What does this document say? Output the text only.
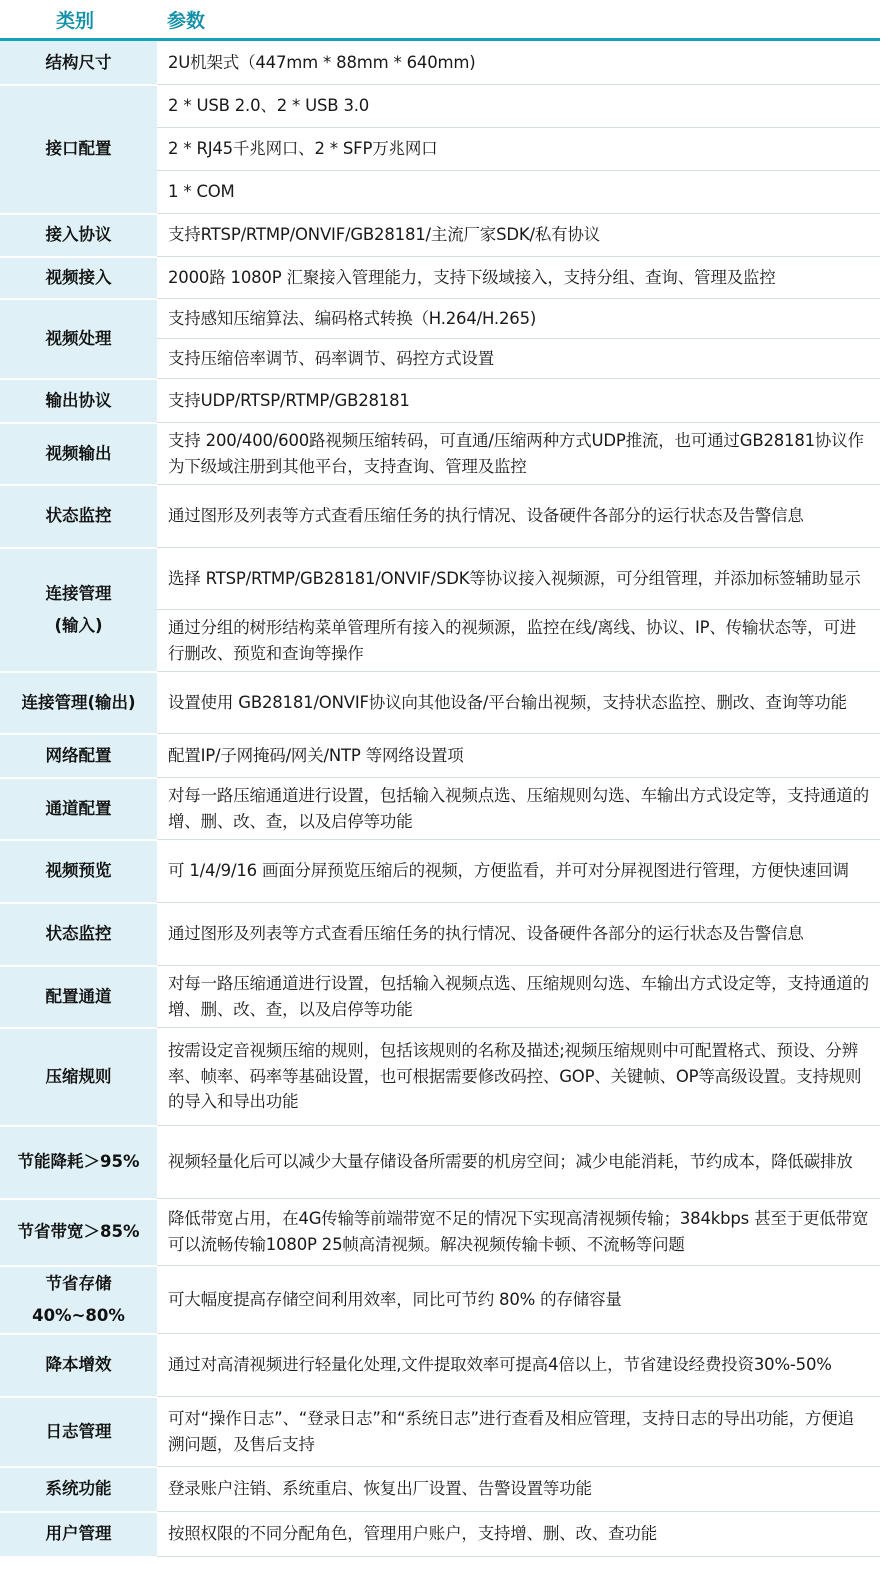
类别	参数

结构尺寸	2U机架式（447mm * 88mm * 640mm)

接口配置	2 * USB 2.0、2 * USB 3.0
	2 * RJ45千兆网口、2 * SFP万兆网口
	1 * COM

接入协议	支持RTSP/RTMP/ONVIF/GB28181/主流厂家SDK/私有协议

视频接入	2000路 1080P 汇聚接入管理能力，支持下级域接入，支持分组、查询、管理及监控

视频处理	支持感知压缩算法、编码格式转换（H.264/H.265)
	支持压缩倍率调节、码率调节、码控方式设置

输出协议	支持UDP/RTSP/RTMP/GB28181

视频输出	支持 200/400/600路视频压缩转码，可直通/压缩两种方式UDP推流，也可通过GB28181协议作为下级域注册到其他平台，支持查询、管理及监控

状态监控	通过图形及列表等方式查看压缩任务的执行情况、设备硬件各部分的运行状态及告警信息

连接管理
(输入)	选择 RTSP/RTMP/GB28181/ONVIF/SDK等协议接入视频源，可分组管理，并添加标签辅助显示
	通过分组的树形结构菜单管理所有接入的视频源，监控在线/离线、协议、IP、传输状态等，可进行删改、预览和查询等操作

连接管理(输出)	设置使用 GB28181/ONVIF协议向其他设备/平台输出视频，支持状态监控、删改、查询等功能

网络配置	配置IP/子网掩码/网关/NTP 等网络设置项

通道配置	对每一路压缩通道进行设置，包括输入视频点选、压缩规则勾选、车输出方式设定等，支持通道的增、删、改、查，以及启停等功能

视频预览	可 1/4/9/16 画面分屏预览压缩后的视频，方便监看，并可对分屏视图进行管理，方便快速回调

状态监控	通过图形及列表等方式查看压缩任务的执行情况、设备硬件各部分的运行状态及告警信息

配置通道	对每一路压缩通道进行设置，包括输入视频点选、压缩规则勾选、车输出方式设定等，支持通道的增、删、改、查，以及启停等功能

压缩规则	按需设定音视频压缩的规则，包括该规则的名称及描述;视频压缩规则中可配置格式、预设、分辨率、帧率、码率等基础设置，也可根据需要修改码控、GOP、关键帧、OP等高级设置。支持规则的导入和导出功能

节能降耗＞95%	视频轻量化后可以减少大量存储设备所需要的机房空间；减少电能消耗，节约成本，降低碳排放

节省带宽＞85%	降低带宽占用，在4G传输等前端带宽不足的情况下实现高清视频传输；384kbps 甚至于更低带宽可以流畅传输1080P 25帧高清视频。解决视频传输卡顿、不流畅等问题

节省存储
40%~80%	可大幅度提高存储空间利用效率，同比可节约 80% 的存储容量

降本增效	通过对高清视频进行轻量化处理,文件提取效率可提高4倍以上，节省建设经费投资30%-50%

日志管理	可对“操作日志”、“登录日志”和“系统日志”进行查看及相应管理，支持日志的导出功能，方便追溯问题，及售后支持

系统功能	登录账户注销、系统重启、恢复出厂设置、告警设置等功能

用户管理	按照权限的不同分配角色，管理用户账户，支持增、删、改、查功能
